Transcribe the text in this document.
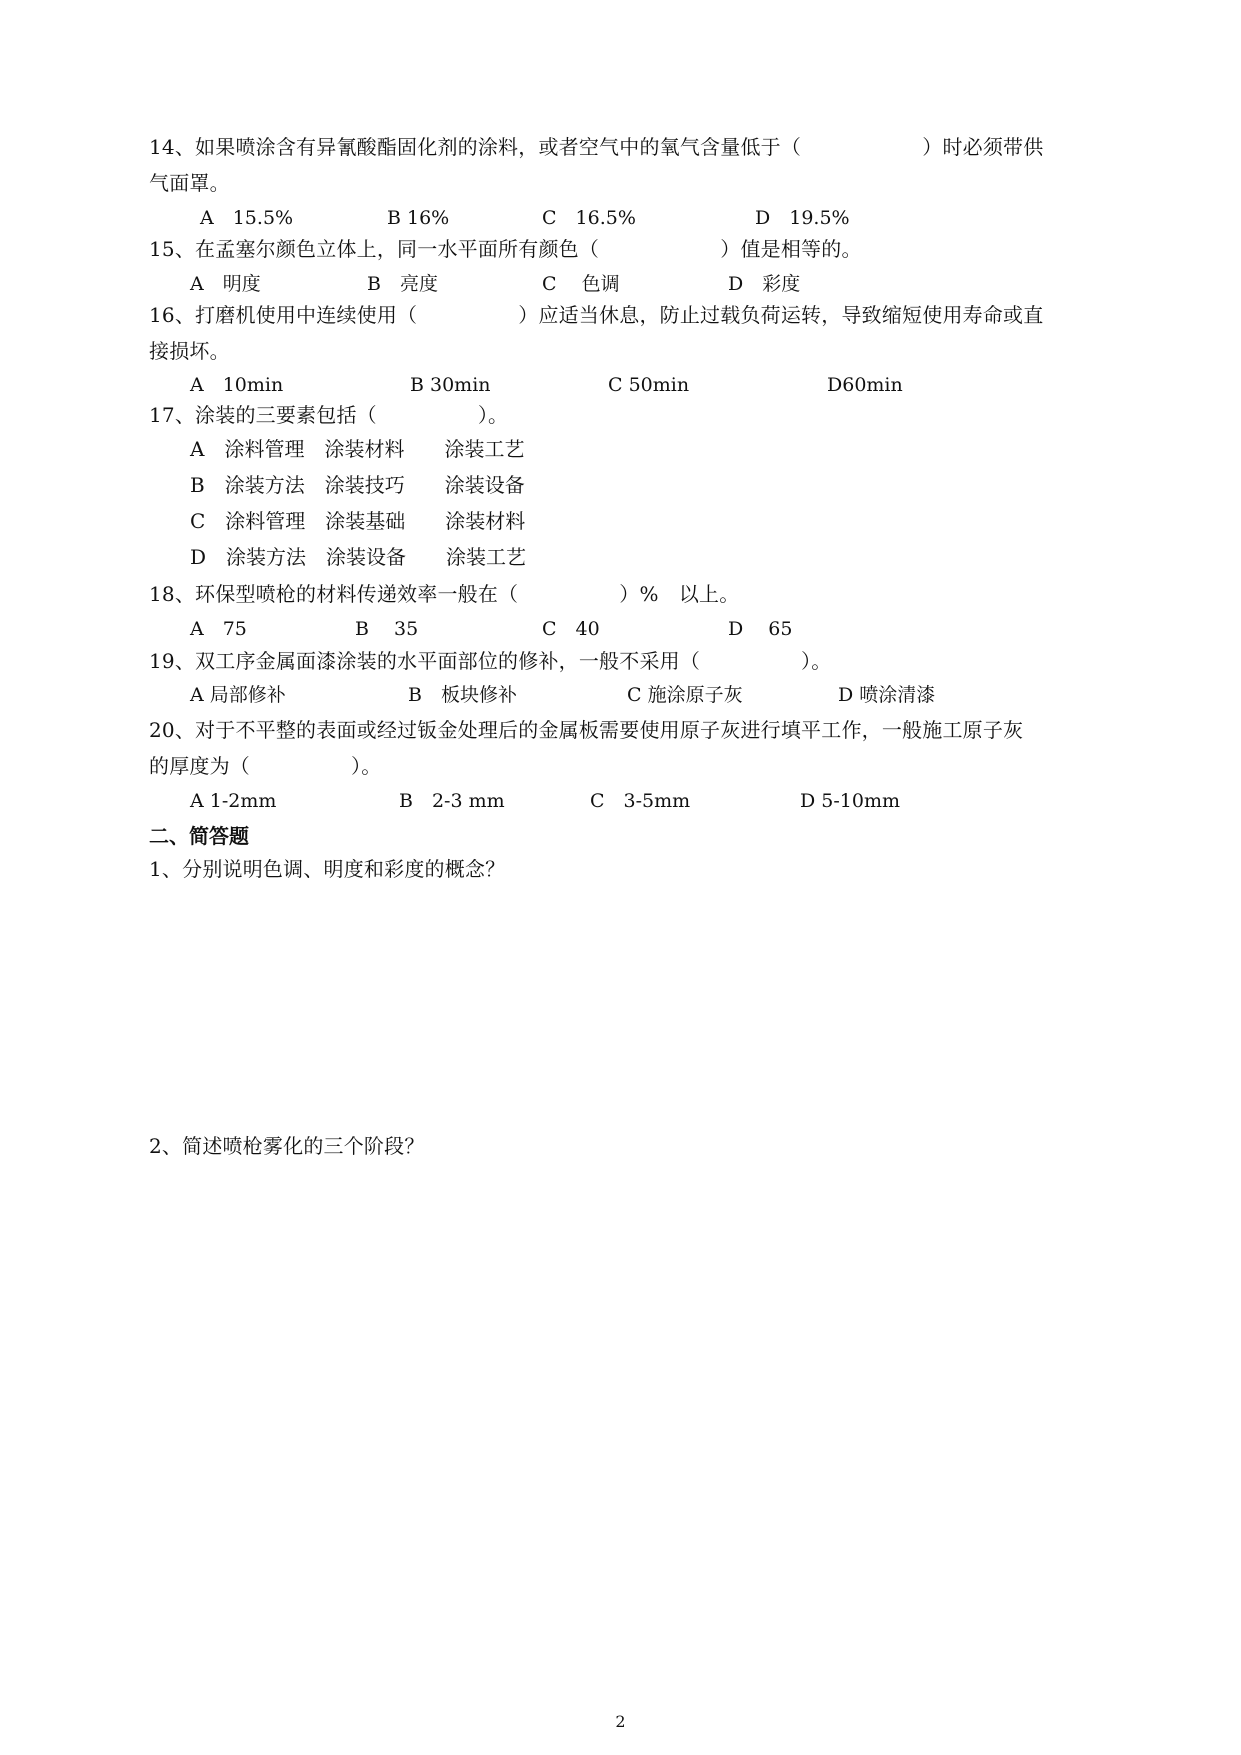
14、如果喷涂含有异氰酸酯固化剂的涂料，或者空气中的氧气含量低于（　　　　　　）时必须带供
气面罩。
A　15.5%	B 16%	C　16.5%	D　19.5%
15、在孟塞尔颜色立体上，同一水平面所有颜色（　　　　　　）值是相等的。
A　明度	B　亮度	C　 色调	D　彩度
16、打磨机使用中连续使用（　　　　　）应适当休息，防止过载负荷运转，导致缩短使用寿命或直
接损坏。
A　10min	B 30min	C 50min	D60min
17、涂装的三要素包括（　　　　　）。
A　涂料管理　涂装材料　　涂装工艺
B　涂装方法　涂装技巧　　涂装设备
C　涂料管理　涂装基础　　涂装材料
D　涂装方法　涂装设备　　涂装工艺
18、环保型喷枪的材料传递效率一般在（　　　　　）%　以上。
A　75	B　 35	C　40	D　 65
19、双工序金属面漆涂装的水平面部位的修补，一般不采用（　　　　　）。
A 局部修补	B　板块修补	C 施涂原子灰	D 喷涂清漆
20、对于不平整的表面或经过钣金处理后的金属板需要使用原子灰进行填平工作，一般施工原子灰
的厚度为（　　　　　）。
A 1-2mm	B　2-3 mm	C　3-5mm	D 5-10mm
二、简答题
1、分别说明色调、明度和彩度的概念？
2、简述喷枪雾化的三个阶段？
2
